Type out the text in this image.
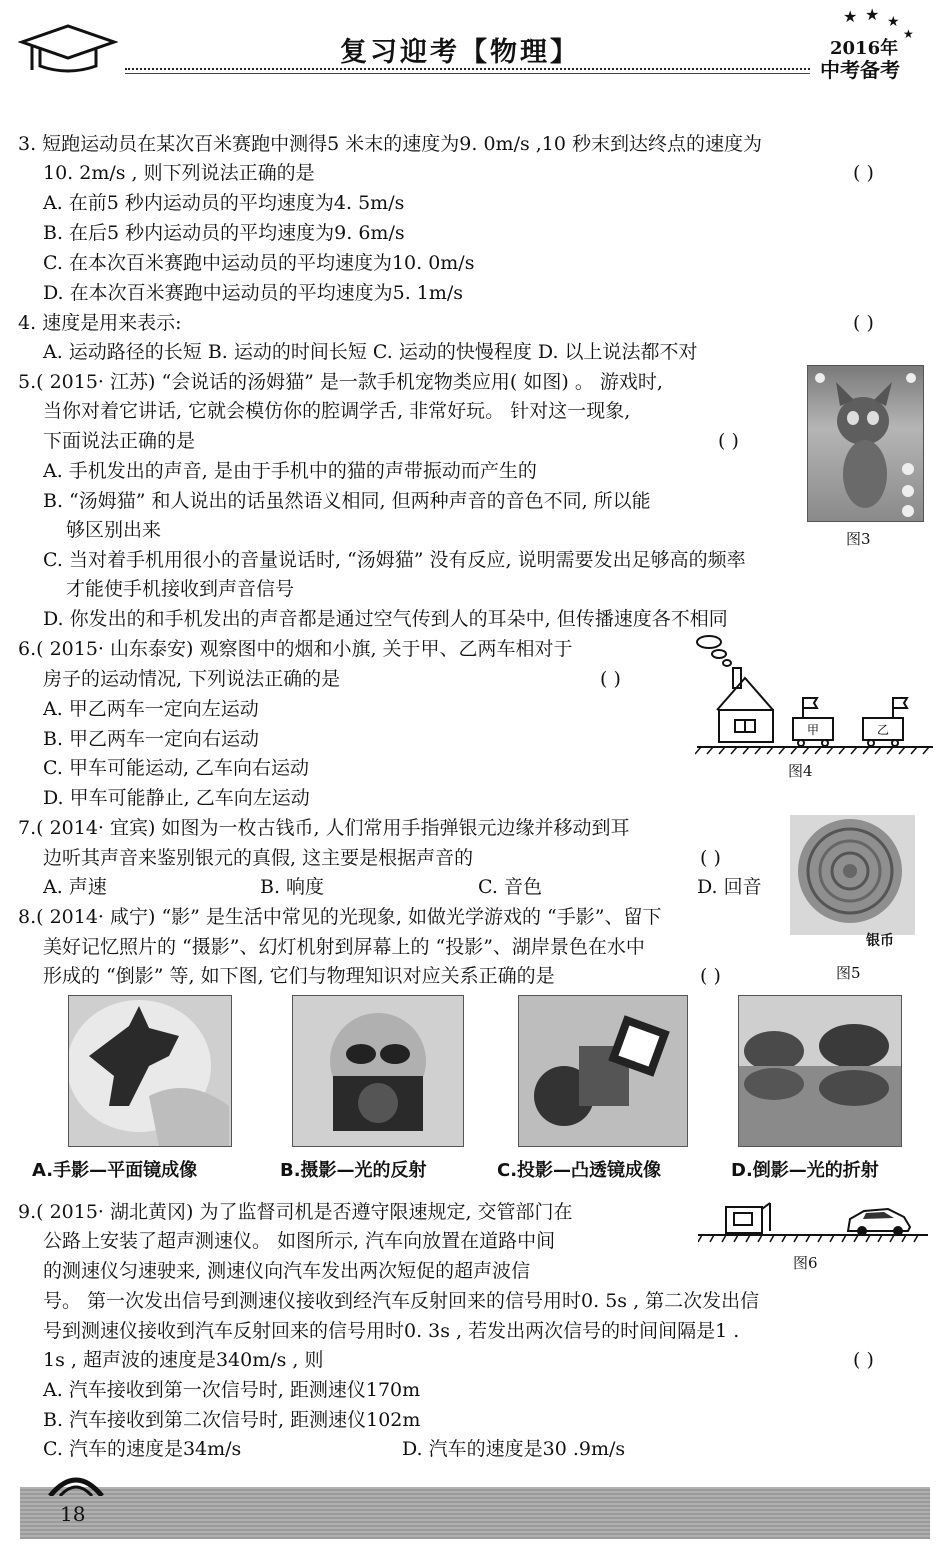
复习迎考【物理】
★ ★ ★
★
2016年
中考备考
3. 短跑运动员在某次百米赛跑中测得5 米末的速度为9. 0m/s ,10 秒末到达终点的速度为
10. 2m/s , 则下列说法正确的是	( )
A. 在前5 秒内运动员的平均速度为4. 5m/s
B. 在后5 秒内运动员的平均速度为9. 6m/s
C. 在本次百米赛跑中运动员的平均速度为10. 0m/s
D. 在本次百米赛跑中运动员的平均速度为5. 1m/s
4. 速度是用来表示:	( )
A. 运动路径的长短 B. 运动的时间长短 C. 运动的快慢程度 D. 以上说法都不对
5.( 2015· 江苏) “会说话的汤姆猫” 是一款手机宠物类应用( 如图) 。 游戏时,
当你对着它讲话, 它就会模仿你的腔调学舌, 非常好玩。 针对这一现象,
下面说法正确的是	( )
A. 手机发出的声音, 是由于手机中的猫的声带振动而产生的
B. “汤姆猫” 和人说出的话虽然语义相同, 但两种声音的音色不同, 所以能
够区别出来
C. 当对着手机用很小的音量说话时, “汤姆猫” 没有反应, 说明需要发出足够高的频率
才能使手机接收到声音信号
D. 你发出的和手机发出的声音都是通过空气传到人的耳朵中, 但传播速度各不相同
图3
6.( 2015· 山东泰安) 观察图中的烟和小旗, 关于甲、乙两车相对于
房子的运动情况, 下列说法正确的是	( )
A. 甲乙两车一定向左运动
B. 甲乙两车一定向右运动
C. 甲车可能运动, 乙车向右运动
D. 甲车可能静止, 乙车向左运动
甲	乙
图4
7.( 2014· 宜宾) 如图为一枚古钱币, 人们常用手指弹银元边缘并移动到耳
边听其声音来鉴别银元的真假, 这主要是根据声音的	( )
A. 声速	B. 响度	C. 音色	D. 回音
银币
图5
8.( 2014· 咸宁) “影” 是生活中常见的光现象, 如做光学游戏的 “手影”、留下
美好记忆照片的 “摄影”、幻灯机射到屏幕上的 “投影”、湖岸景色在水中
形成的 “倒影” 等, 如下图, 它们与物理知识对应关系正确的是	( )
A.手影—平面镜成像	B.摄影—光的反射	C.投影—凸透镜成像	D.倒影—光的折射
9.( 2015· 湖北黄冈) 为了监督司机是否遵守限速规定, 交管部门在
公路上安装了超声测速仪。 如图所示, 汽车向放置在道路中间
的测速仪匀速驶来, 测速仪向汽车发出两次短促的超声波信
号。 第一次发出信号到测速仪接收到经汽车反射回来的信号用时0. 5s , 第二次发出信
号到测速仪接收到汽车反射回来的信号用时0. 3s , 若发出两次信号的时间间隔是1 .
1s , 超声波的速度是340m/s , 则	( )
A. 汽车接收到第一次信号时, 距测速仪170m
B. 汽车接收到第二次信号时, 距测速仪102m
C. 汽车的速度是34m/s	D. 汽车的速度是30 .9m/s
图6
18
